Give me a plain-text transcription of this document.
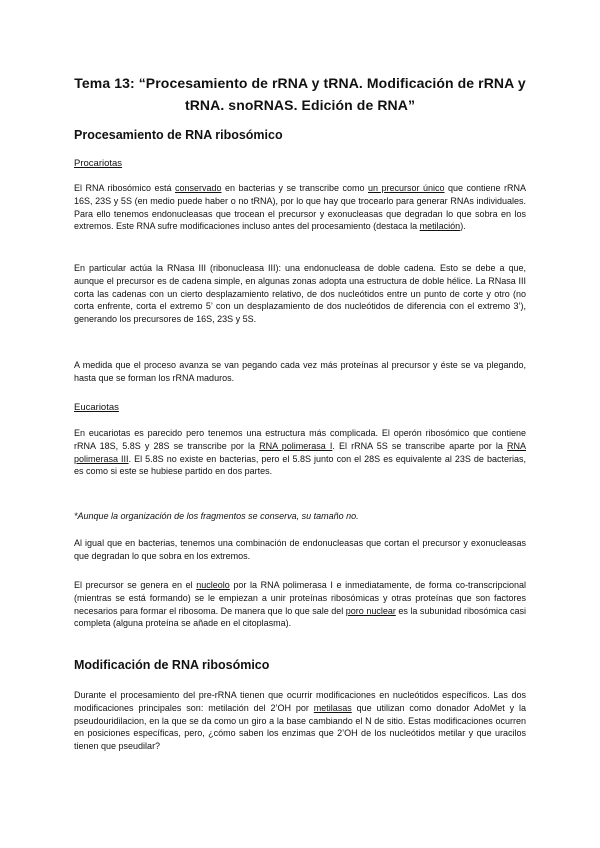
Tema 13: “Procesamiento de rRNA y tRNA. Modificación de rRNA y tRNA. snoRNAS. Edición de RNA”
Procesamiento de RNA ribosómico
Procariotas
El RNA ribosómico está conservado en bacterias y se transcribe como un precursor único que contiene rRNA 16S, 23S y 5S (en medio puede haber o no tRNA), por lo que hay que trocearlo para generar RNAs individuales. Para ello tenemos endonucleasas que trocean el precursor y exonucleasas que degradan lo que sobra en los extremos. Este RNA sufre modificaciones incluso antes del procesamiento (destaca la metilación).
En particular actúa la RNasa III (ribonucleasa III): una endonucleasa de doble cadena. Esto se debe a que, aunque el precursor es de cadena simple, en algunas zonas adopta una estructura de doble hélice. La RNasa III corta las cadenas con un cierto desplazamiento relativo, de dos nucleótidos entre un punto de corte y otro (no corta enfrente, corta el extremo 5’ con un desplazamiento de dos nucleótidos de diferencia con el extremo 3’), generando los precursores de 16S, 23S y 5S.
A medida que el proceso avanza se van pegando cada vez más proteínas al precursor y éste se va plegando, hasta que se forman los rRNA maduros.
Eucariotas
En eucariotas es parecido pero tenemos una estructura más complicada. El operón ribosómico que contiene rRNA 18S, 5.8S y 28S se transcribe por la RNA polimerasa I. El rRNA 5S se transcribe aparte por la RNA polimerasa III. El 5.8S no existe en bacterias, pero el 5.8S junto con el 28S es equivalente al 23S de bacterias, es como si este se hubiese partido en dos partes.
*Aunque la organización de los fragmentos se conserva, su tamaño no.
Al igual que en bacterias, tenemos una combinación de endonucleasas que cortan el precursor y exonucleasas que degradan lo que sobra en los extremos.
El precursor se genera en el nucleolo por la RNA polimerasa I e inmediatamente, de forma co-transcripcional (mientras se está formando) se le empiezan a unir proteínas ribosómicas y otras proteínas que son factores necesarios para formar el ribosoma. De manera que lo que sale del poro nuclear es la subunidad ribosómica casi completa (alguna proteína se añade en el citoplasma).
Modificación de RNA ribosómico
Durante el procesamiento del pre-rRNA tienen que ocurrir modificaciones en nucleótidos específicos. Las dos modificaciones principales son: metilación del 2’OH por metilasas que utilizan como donador AdoMet y la pseudouridilacion, en la que se da como un giro a la base cambiando el N de sitio. Estas modificaciones ocurren en posiciones específicas, pero, ¿cómo saben los enzimas que 2’OH de los nucleótidos metilar y que uracilos tienen que pseudilar?
